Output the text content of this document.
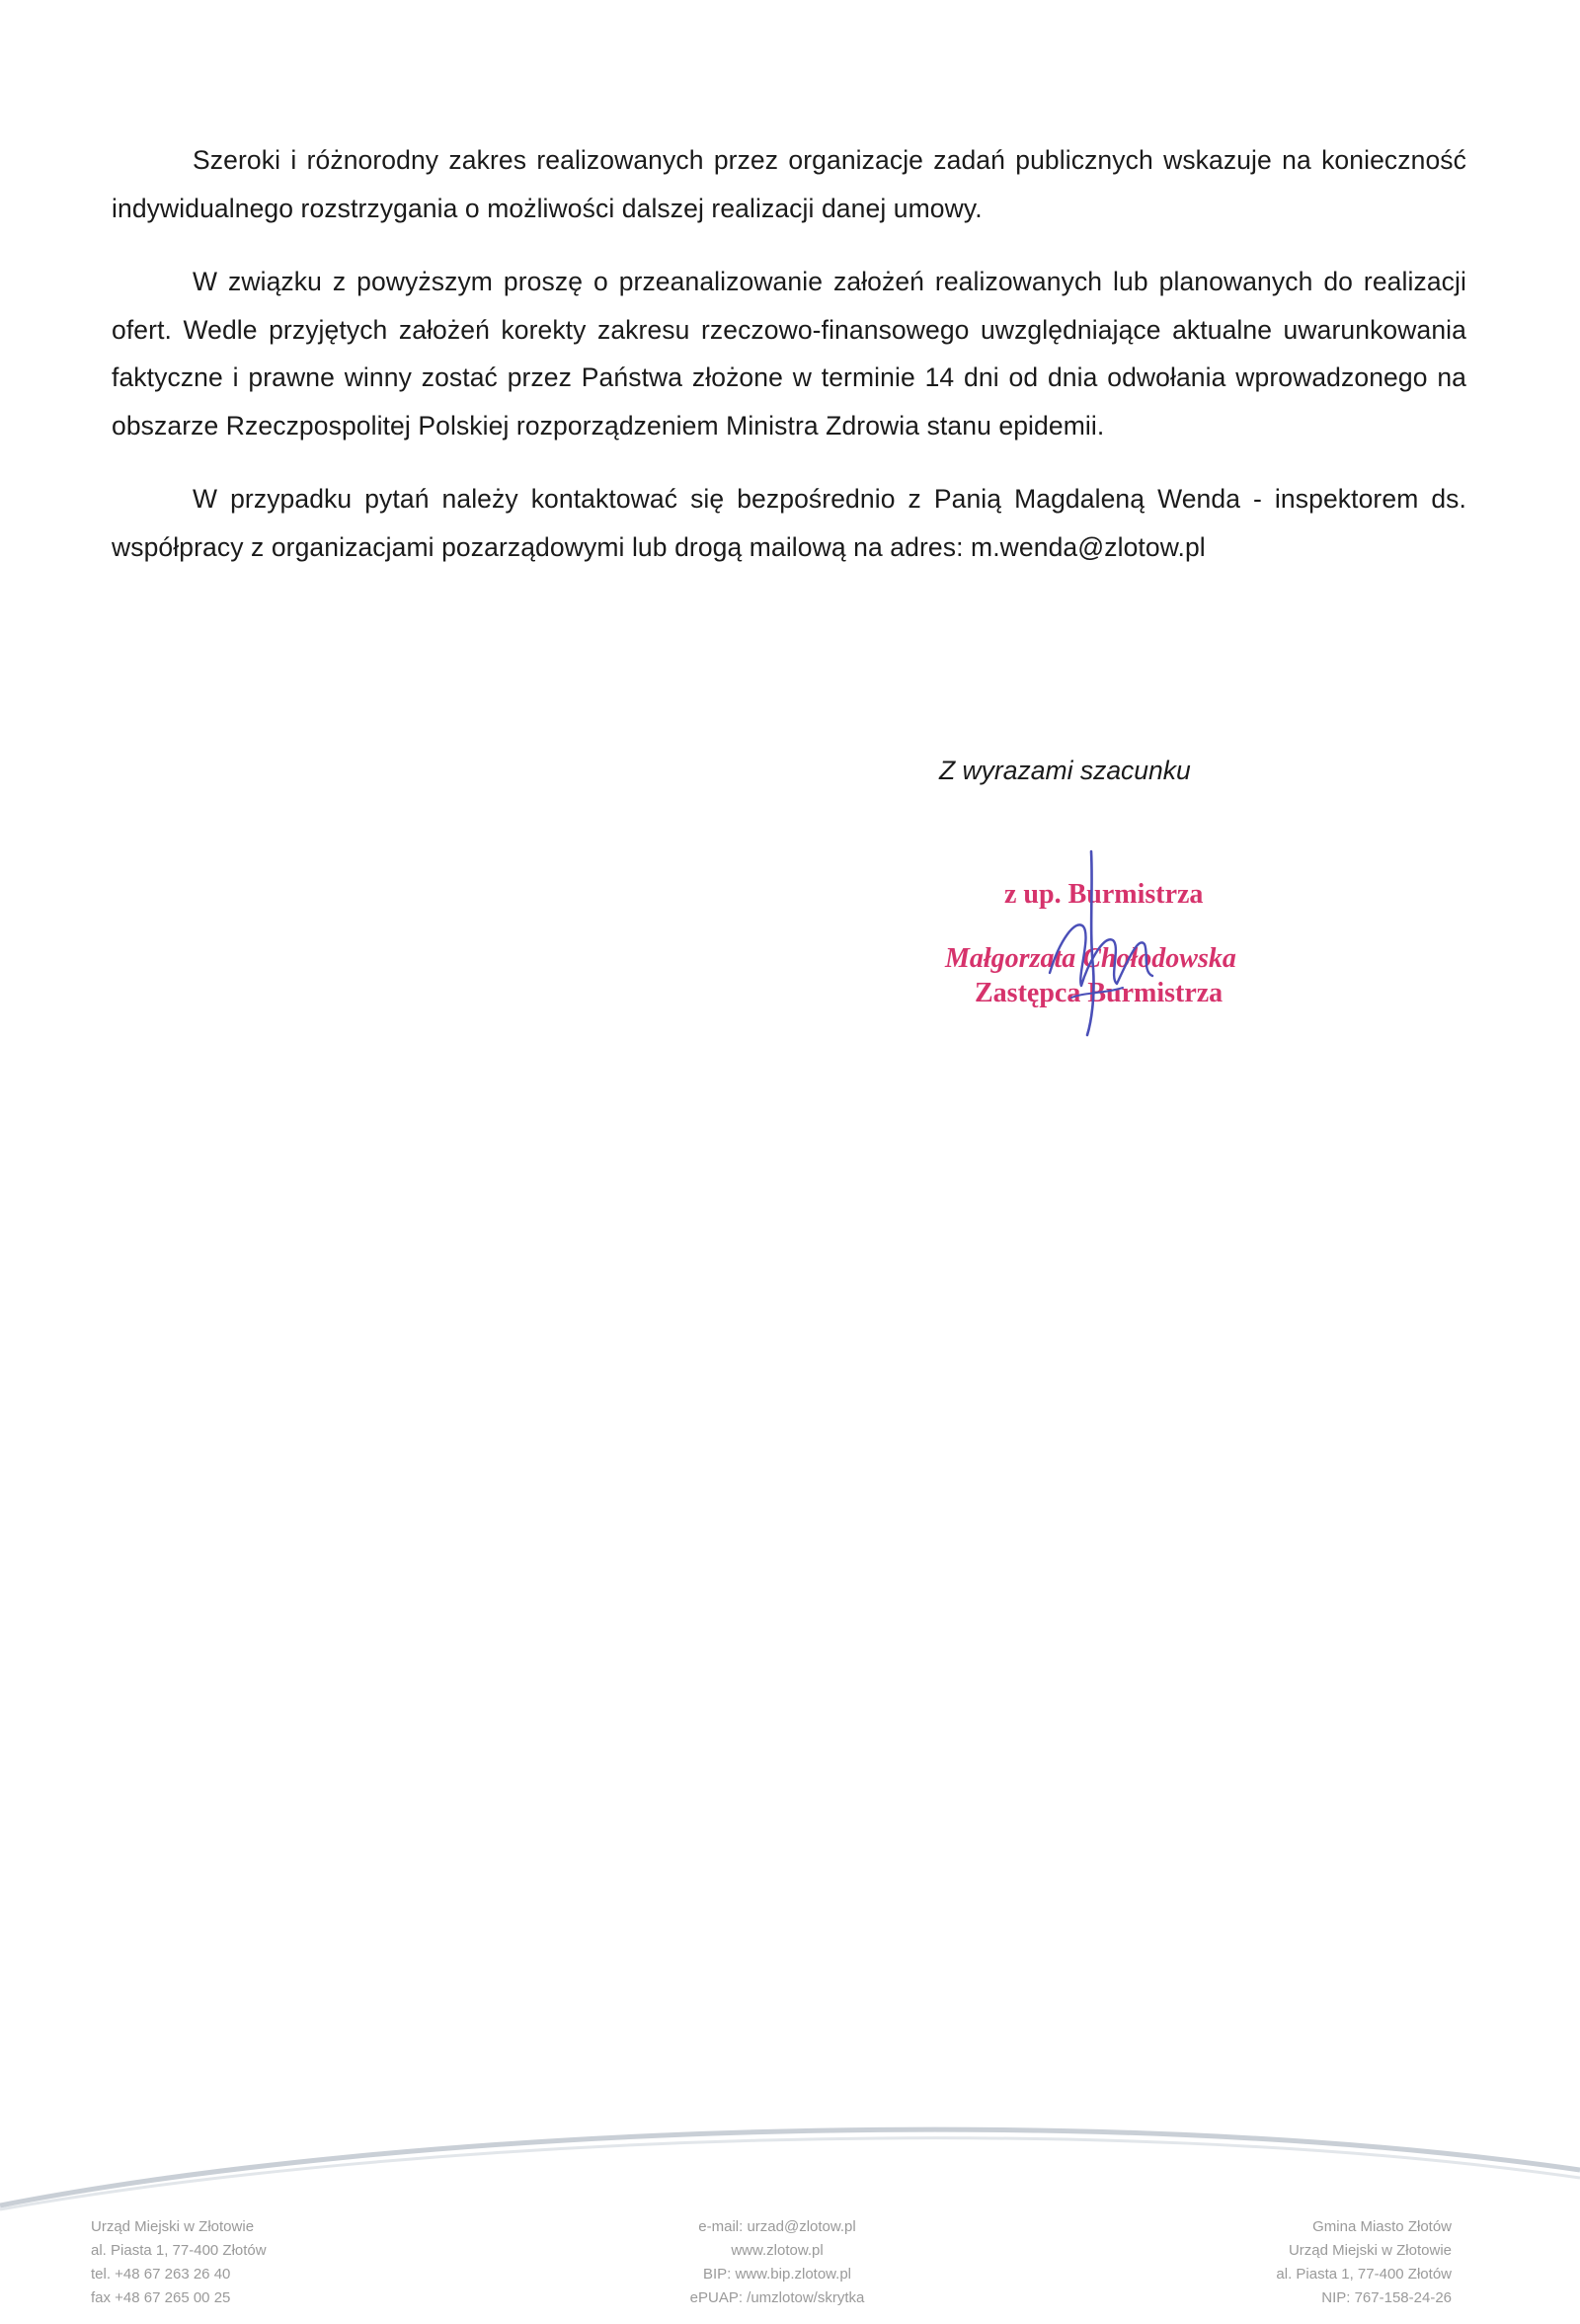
Szeroki i różnorodny zakres realizowanych przez organizacje zadań publicznych wskazuje na konieczność indywidualnego rozstrzygania o możliwości dalszej realizacji danej umowy.

W związku z powyższym proszę o przeanalizowanie założeń realizowanych lub planowanych do realizacji ofert. Wedle przyjętych założeń korekty zakresu rzeczowo-finansowego uwzględniające aktualne uwarunkowania faktyczne i prawne winny zostać przez Państwa złożone w terminie 14 dni od dnia odwołania wprowadzonego na obszarze Rzeczpospolitej Polskiej rozporządzeniem Ministra Zdrowia stanu epidemii.

W przypadku pytań należy kontaktować się bezpośrednio z Panią Magdaleną Wenda - inspektorem ds. współpracy z organizacjami pozarządowymi lub drogą mailową na adres: m.wenda@zlotow.pl

Z wyrazami szacunku
z up. Burmistrza
Małgorzata Chołodowska
Zastępca Burmistrza
Urząd Miejski w Złotowie
al. Piasta 1, 77-400 Złotów
tel. +48 67 263 26 40
fax +48 67 265 00 25
e-mail: urzad@zlotow.pl
www.zlotow.pl
BIP: www.bip.zlotow.pl
ePUAP: /umzlotow/skrytka
Gmina Miasto Złotów
Urząd Miejski w Złotowie
al. Piasta 1, 77-400 Złotów
NIP: 767-158-24-26
